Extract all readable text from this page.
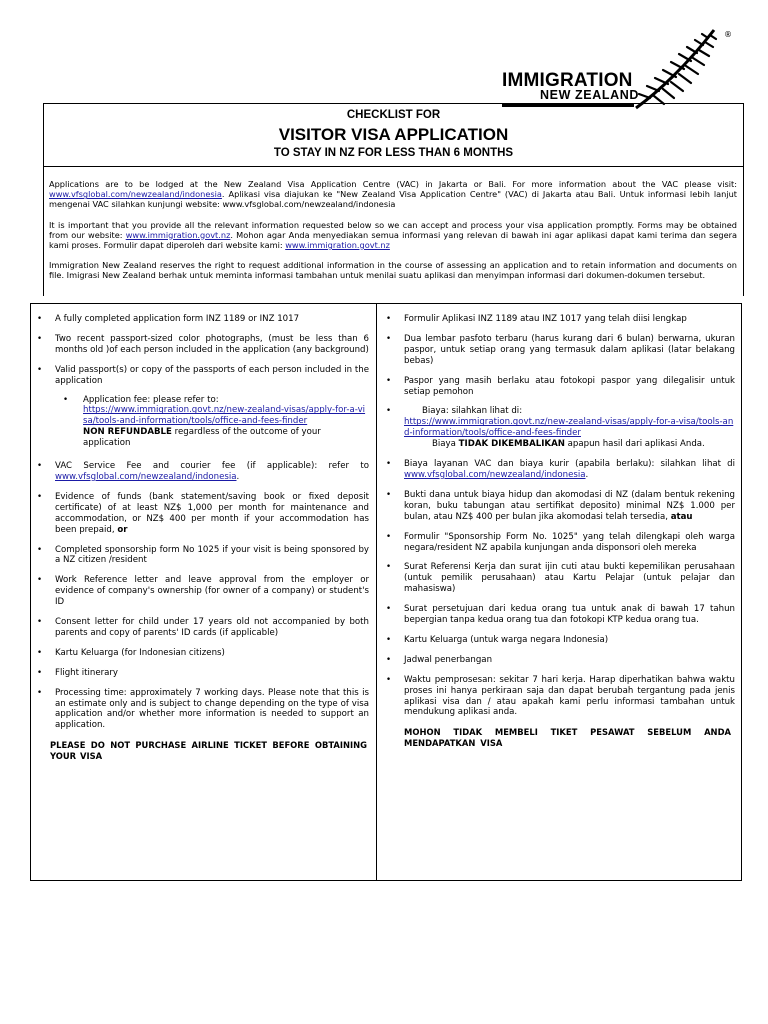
IMMIGRATION
NEW ZEALAND
®
CHECKLIST FOR
VISITOR VISA APPLICATION
TO STAY IN NZ FOR LESS THAN 6 MONTHS

Applications are to be lodged at the New Zealand Visa Application Centre (VAC) in Jakarta or Bali. For more information about the VAC please visit: www.vfsglobal.com/newzealand/indonesia. Aplikasi visa diajukan ke "New Zealand Visa Application Centre" (VAC) di Jakarta atau Bali. Untuk informasi lebih lanjut mengenai VAC silahkan kunjungi website: www.vfsglobal.com/newzealand/indonesia

It is important that you provide all the relevant information requested below so we can accept and process your visa application promptly. Forms may be obtained from our website: www.immigration.govt.nz. Mohon agar Anda menyediakan semua informasi yang relevan di bawah ini agar aplikasi dapat kami terima dan segera kami proses. Formulir dapat diperoleh dari website kami: www.immigration.govt.nz

Immigration New Zealand reserves the right to request additional information in the course of assessing an application and to retain information and documents on file. Imigrasi New Zealand berhak untuk meminta informasi tambahan untuk menilai suatu aplikasi dan menyimpan informasi dari dokumen-dokumen tersebut.

• A fully completed application form INZ 1189 or INZ 1017
• Two recent passport-sized color photographs, (must be less than 6 months old )of each person included in the application (any background)
• Valid passport(s) or copy of the passports of each person included in the application
• Application fee: please refer to:
https://www.immigration.govt.nz/new-zealand-visas/apply-for-a-visa/tools-and-information/tools/office-and-fees-finder
NON REFUNDABLE regardless of the outcome of your application
• VAC Service Fee and courier fee (if applicable): refer to www.vfsglobal.com/newzealand/indonesia.
• Evidence of funds (bank statement/saving book or fixed deposit certificate) of at least NZ$ 1,000 per month for maintenance and accommodation, or NZ$ 400 per month if your accommodation has been prepaid, or
• Completed sponsorship form No 1025 if your visit is being sponsored by a NZ citizen /resident
• Work Reference letter and leave approval from the employer or evidence of company's ownership (for owner of a company) or student's ID
• Consent letter for child under 17 years old not accompanied by both parents and copy of parents' ID cards (if applicable)
• Kartu Keluarga (for Indonesian citizens)
• Flight itinerary
• Processing time: approximately 7 working days. Please note that this is an estimate only and is subject to change depending on the type of visa application and/or whether more information is needed to support an application.
PLEASE DO NOT PURCHASE AIRLINE TICKET BEFORE OBTAINING YOUR VISA
• Formulir Aplikasi INZ 1189 atau INZ 1017 yang telah diisi lengkap
• Dua lembar pasfoto terbaru (harus kurang dari 6 bulan) berwarna, ukuran paspor, untuk setiap orang yang termasuk dalam aplikasi (latar belakang bebas)
• Paspor yang masih berlaku atau fotokopi paspor yang dilegalisir untuk setiap pemohon
• Biaya: silahkan lihat di:
https://www.immigration.govt.nz/new-zealand-visas/apply-for-a-visa/tools-and-information/tools/office-and-fees-finder
Biaya TIDAK DIKEMBALIKAN apapun hasil dari aplikasi Anda.
• Biaya layanan VAC dan biaya kurir (apabila berlaku): silahkan lihat di www.vfsglobal.com/newzealand/indonesia.
• Bukti dana untuk biaya hidup dan akomodasi di NZ (dalam bentuk rekening koran, buku tabungan atau sertifikat deposito) minimal NZ$ 1.000 per bulan, atau NZ$ 400 per bulan jika akomodasi telah tersedia, atau
• Formulir "Sponsorship Form No. 1025" yang telah dilengkapi oleh warga negara/resident NZ apabila kunjungan anda disponsori oleh mereka
• Surat Referensi Kerja dan surat ijin cuti atau bukti kepemilikan perusahaan (untuk pemilik perusahaan) atau Kartu Pelajar (untuk pelajar dan mahasiswa)
• Surat persetujuan dari kedua orang tua untuk anak di bawah 17 tahun bepergian tanpa kedua orang tua dan fotokopi KTP kedua orang tua.
• Kartu Keluarga (untuk warga negara Indonesia)
• Jadwal penerbangan
• Waktu pemprosesan: sekitar 7 hari kerja. Harap diperhatikan bahwa waktu proses ini hanya perkiraan saja dan dapat berubah tergantung pada jenis aplikasi visa dan / atau apakah kami perlu informasi tambahan untuk mendukung aplikasi anda.
MOHON TIDAK MEMBELI TIKET PESAWAT SEBELUM ANDA MENDAPATKAN VISA
